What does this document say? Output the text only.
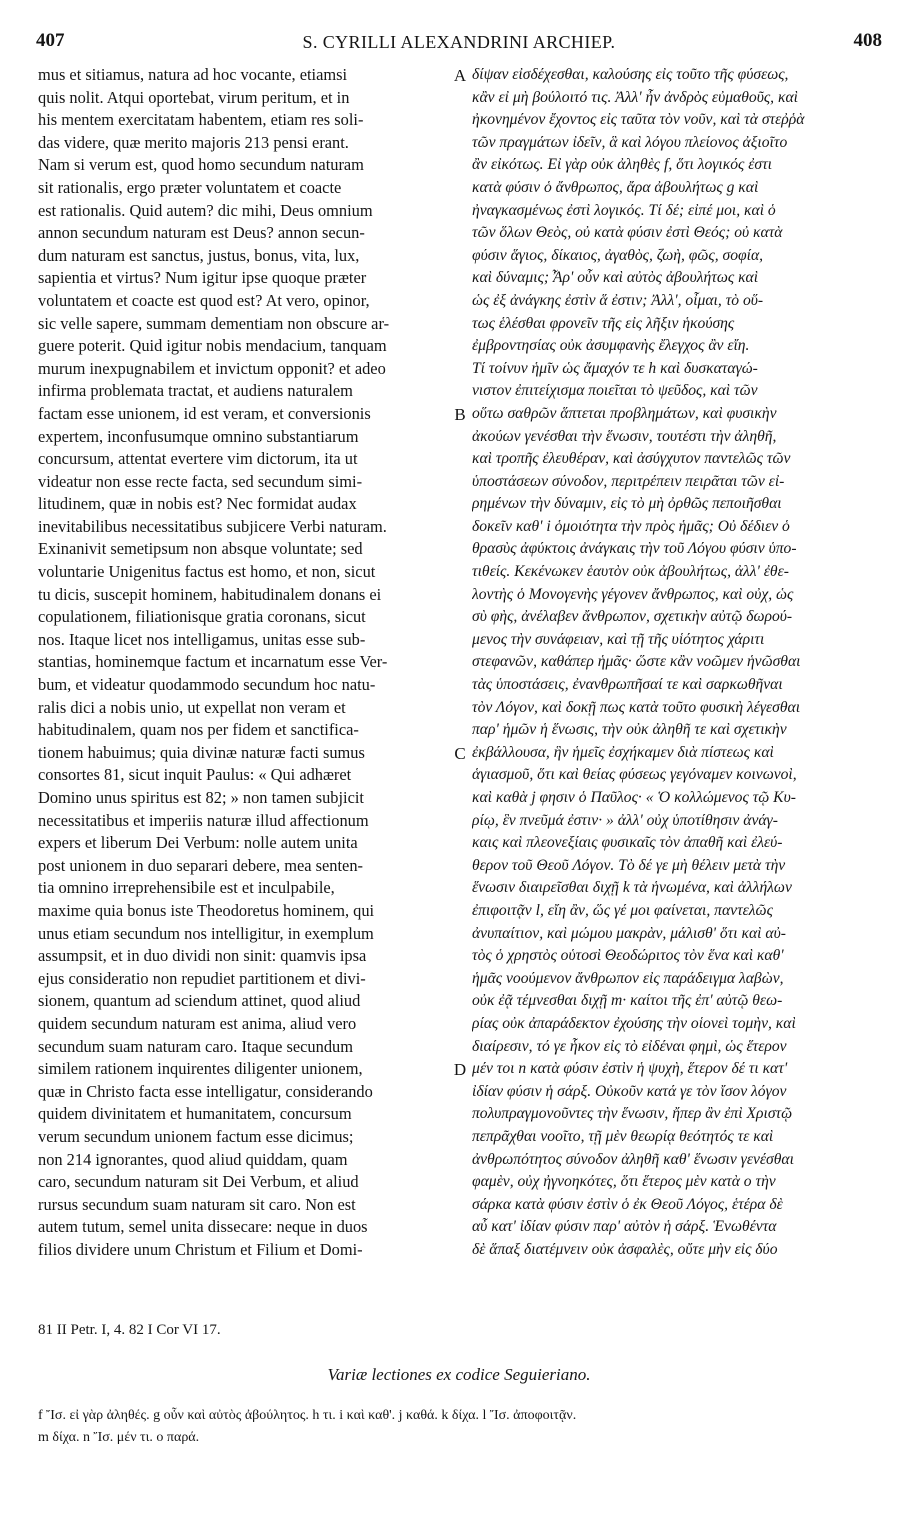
407	S. CYRILLI ALEXANDRINI ARCHIEP.	408
mus et sitiamus, natura ad hoc vocante, etiamsi
quis nolit. Atqui oportebat, virum peritum, et in
his mentem exercitatam habentem, etiam res soli-
das videre, quæ merito majoris 213 pensi erant.
Nam si verum est, quod homo secundum naturam
sit rationalis, ergo præter voluntatem et coacte
est rationalis. Quid autem? dic mihi, Deus omnium
annon secundum naturam est Deus? annon secun-
dum naturam est sanctus, justus, bonus, vita, lux,
sapientia et virtus? Num igitur ipse quoque præter
voluntatem et coacte est quod est? At vero, opinor,
sic velle sapere, summam dementiam non obscure ar-
guere poterit. Quid igitur nobis mendacium, tanquam
murum inexpugnabilem et invictum opponit? et adeo
infirma problemata tractat, et audiens naturalem
factam esse unionem, id est veram, et conversionis
expertem, inconfusumque omnino substantiarum
concursum, attentat evertere vim dictorum, ita ut
videatur non esse recte facta, sed secundum simi-
litudinem, quæ in nobis est? Nec formidat audax
inevitabilibus necessitatibus subjicere Verbi naturam.
Exinanivit semetipsum non absque voluntate; sed
voluntarie Unigenitus factus est homo, et non, sicut
tu dicis, suscepit hominem, habitudinalem donans ei
copulationem, filiationisque gratia coronans, sicut
nos. Itaque licet nos intelligamus, unitas esse sub-
stantias, hominemque factum et incarnatum esse Ver-
bum, et videatur quodammodo secundum hoc natu-
ralis dici a nobis unio, ut expellat non veram et
habitudinalem, quam nos per fidem et sanctifica-
tionem habuimus; quia divinæ naturæ facti sumus
consortes 81, sicut inquit Paulus: « Qui adhæret
Domino unus spiritus est 82; » non tamen subjicit
necessitatibus et imperiis naturæ illud affectionum
expers et liberum Dei Verbum: nolle autem unita
post unionem in duo separari debere, mea senten-
tia omnino irreprehensibile est et inculpabile,
maxime quia bonus iste Theodoretus hominem, qui
unus etiam secundum nos intelligitur, in exemplum
assumpsit, et in duo dividi non sinit: quamvis ipsa
ejus consideratio non repudiet partitionem et divi-
sionem, quantum ad sciendum attinet, quod aliud
quidem secundum naturam est anima, aliud vero
secundum suam naturam caro. Itaque secundum
similem rationem inquirentes diligenter unionem,
quæ in Christo facta esse intelligatur, considerando
quidem divinitatem et humanitatem, concursum
verum secundum unionem factum esse dicimus;
non 214 ignorantes, quod aliud quiddam, quam
caro, secundum naturam sit Dei Verbum, et aliud
rursus secundum suam naturam sit caro. Non est
autem tutum, semel unita dissecare: neque in duos
filios dividere unum Christum et Filium et Domi-
δίψαν εἰσδέχεσθαι, καλούσης εἰς τοῦτο τῆς φύσεως,
κἂν εἰ μὴ βούλοιτό τις. Ἀλλ' ἦν ἀνδρὸς εὐμαθοῦς, καὶ
ἠκονημένον ἔχοντος εἰς ταῦτα τὸν νοῦν, καὶ τὰ στεῤῥὰ
τῶν πραγμάτων ἰδεῖν, ἃ καὶ λόγου πλείονος ἀξιοῖτο
ἂν εἰκότως. Εἰ γὰρ οὐκ ἀληθὲς f, ὅτι λογικός ἐστι
κατὰ φύσιν ὁ ἄνθρωπος, ἄρα ἀβουλήτως g καὶ
ἠναγκασμένως ἐστὶ λογικός. Τί δέ; εἰπέ μοι, καὶ ὁ
τῶν ὅλων Θεὸς, οὐ κατὰ φύσιν ἐστὶ Θεός; οὐ κατὰ
φύσιν ἅγιος, δίκαιος, ἀγαθὸς, ζωὴ, φῶς, σοφία,
καὶ δύναμις; Ἆρ' οὖν καὶ αὐτὸς ἀβουλήτως καὶ
ὡς ἐξ ἀνάγκης ἐστὶν ἅ ἐστιν; Ἀλλ', οἶμαι, τὸ οὕ-
τως ἑλέσθαι φρονεῖν τῆς εἰς λῆξιν ἡκούσης
ἐμβροντησίας οὐκ ἀσυμφανὴς ἔλεγχος ἂν εἴη.
Τί τοίνυν ἡμῖν ὡς ἄμαχόν τε h καὶ δυσκαταγώ-
νιστον ἐπιτείχισμα ποιεῖται τὸ ψεῦδος, καὶ τῶν
οὕτω σαθρῶν ἅπτεται προβλημάτων, καὶ φυσικὴν
ἀκούων γενέσθαι τὴν ἕνωσιν, τουτέστι τὴν ἀληθῆ,
καὶ τροπῆς ἐλευθέραν, καὶ ἀσύγχυτον παντελῶς τῶν
ὑποστάσεων σύνοδον, περιτρέπειν πειρᾶται τῶν εἰ-
ρημένων τὴν δύναμιν, εἰς τὸ μὴ ὀρθῶς πεποιῆσθαι
δοκεῖν καθ' i ὁμοιότητα τὴν πρὸς ἡμᾶς; Οὐ δέδιεν ὁ
θρασὺς ἀφύκτοις ἀνάγκαις τὴν τοῦ Λόγου φύσιν ὑπο-
τιθείς. Κεκένωκεν ἑαυτὸν οὐκ ἀβουλήτως, ἀλλ' ἐθε-
λοντὴς ὁ Μονογενὴς γέγονεν ἄνθρωπος, καὶ οὐχ, ὡς
σὺ φὴς, ἀνέλαβεν ἄνθρωπον, σχετικὴν αὐτῷ δωρού-
μενος τὴν συνάφειαν, καὶ τῇ τῆς υἱότητος χάριτι
στεφανῶν, καθάπερ ἡμᾶς· ὥστε κἂν νοῶμεν ἡνῶσθαι
τὰς ὑποστάσεις, ἐνανθρωπῆσαί τε καὶ σαρκωθῆναι
τὸν Λόγον, καὶ δοκῇ πως κατὰ τοῦτο φυσικὴ λέγεσθαι
παρ' ἡμῶν ἡ ἕνωσις, τὴν οὐκ ἀληθῆ τε καὶ σχετικὴν
ἐκβάλλουσα, ἣν ἡμεῖς ἐσχήκαμεν διὰ πίστεως καὶ
ἁγιασμοῦ, ὅτι καὶ θείας φύσεως γεγόναμεν κοινωνοὶ,
καὶ καθὰ j φησιν ὁ Παῦλος· « Ὁ κολλώμενος τῷ Κυ-
ρίῳ, ἓν πνεῦμά ἐστιν· » ἀλλ' οὐχ ὑποτίθησιν ἀνάγ-
καις καὶ πλεονεξίαις φυσικαῖς τὸν ἀπαθῆ καὶ ἐλεύ-
θερον τοῦ Θεοῦ Λόγον. Τὸ δέ γε μὴ θέλειν μετὰ τὴν
ἕνωσιν διαιρεῖσθαι διχῇ k τὰ ἡνωμένα, καὶ ἀλλήλων
ἐπιφοιτᾷν l, εἴη ἂν, ὥς γέ μοι φαίνεται, παντελῶς
ἀνυπαίτιον, καὶ μώμου μακρὰν, μάλισθ' ὅτι καὶ αὐ-
τὸς ὁ χρηστὸς οὑτοσὶ Θεοδώριτος τὸν ἕνα καὶ καθ'
ἡμᾶς νοούμενον ἄνθρωπον εἰς παράδειγμα λαβὼν,
οὐκ ἐᾷ τέμνεσθαι διχῇ m· καίτοι τῆς ἐπ' αὐτῷ θεω-
ρίας οὐκ ἀπαράδεκτον ἐχούσης τὴν οἱονεὶ τομὴν, καὶ
διαίρεσιν, τό γε ἧκον εἰς τὸ εἰδέναι φημὶ, ὡς ἕτερον
μέν τοι n κατὰ φύσιν ἐστὶν ἡ ψυχὴ, ἕτερον δέ τι κατ'
ἰδίαν φύσιν ἡ σάρξ. Οὐκοῦν κατά γε τὸν ἴσον λόγον
πολυπραγμονοῦντες τὴν ἕνωσιν, ἤπερ ἂν ἐπὶ Χριστῷ
πεπρᾶχθαι νοοῖτο, τῇ μὲν θεωρίᾳ θεότητός τε καὶ
ἀνθρωπότητος σύνοδον ἀληθῆ καθ' ἕνωσιν γενέσθαι
φαμὲν, οὐχ ἠγνοηκότες, ὅτι ἕτερος μὲν κατὰ o τὴν
σάρκα κατὰ φύσιν ἐστὶν ὁ ἐκ Θεοῦ Λόγος, ἑτέρα δὲ
αὖ κατ' ἰδίαν φύσιν παρ' αὐτὸν ἡ σάρξ. Ἑνωθέντα
δὲ ἅπαξ διατέμνειν οὐκ ἀσφαλὲς, οὔτε μὴν εἰς δύο
A
B
C
D
81 II Petr. I, 4. 82 I Cor VI 17.
Variæ lectiones ex codice Seguieriano.
f Ἴσ. εἰ γὰρ ἀληθές. g οὖν καὶ αὐτὸς ἀβούλητος. h τι. i καὶ καθ'. j καθά. k δίχα. l Ἴσ. ἀποφοιτᾷν.
m δίχα. n Ἴσ. μέν τι. o παρά.
